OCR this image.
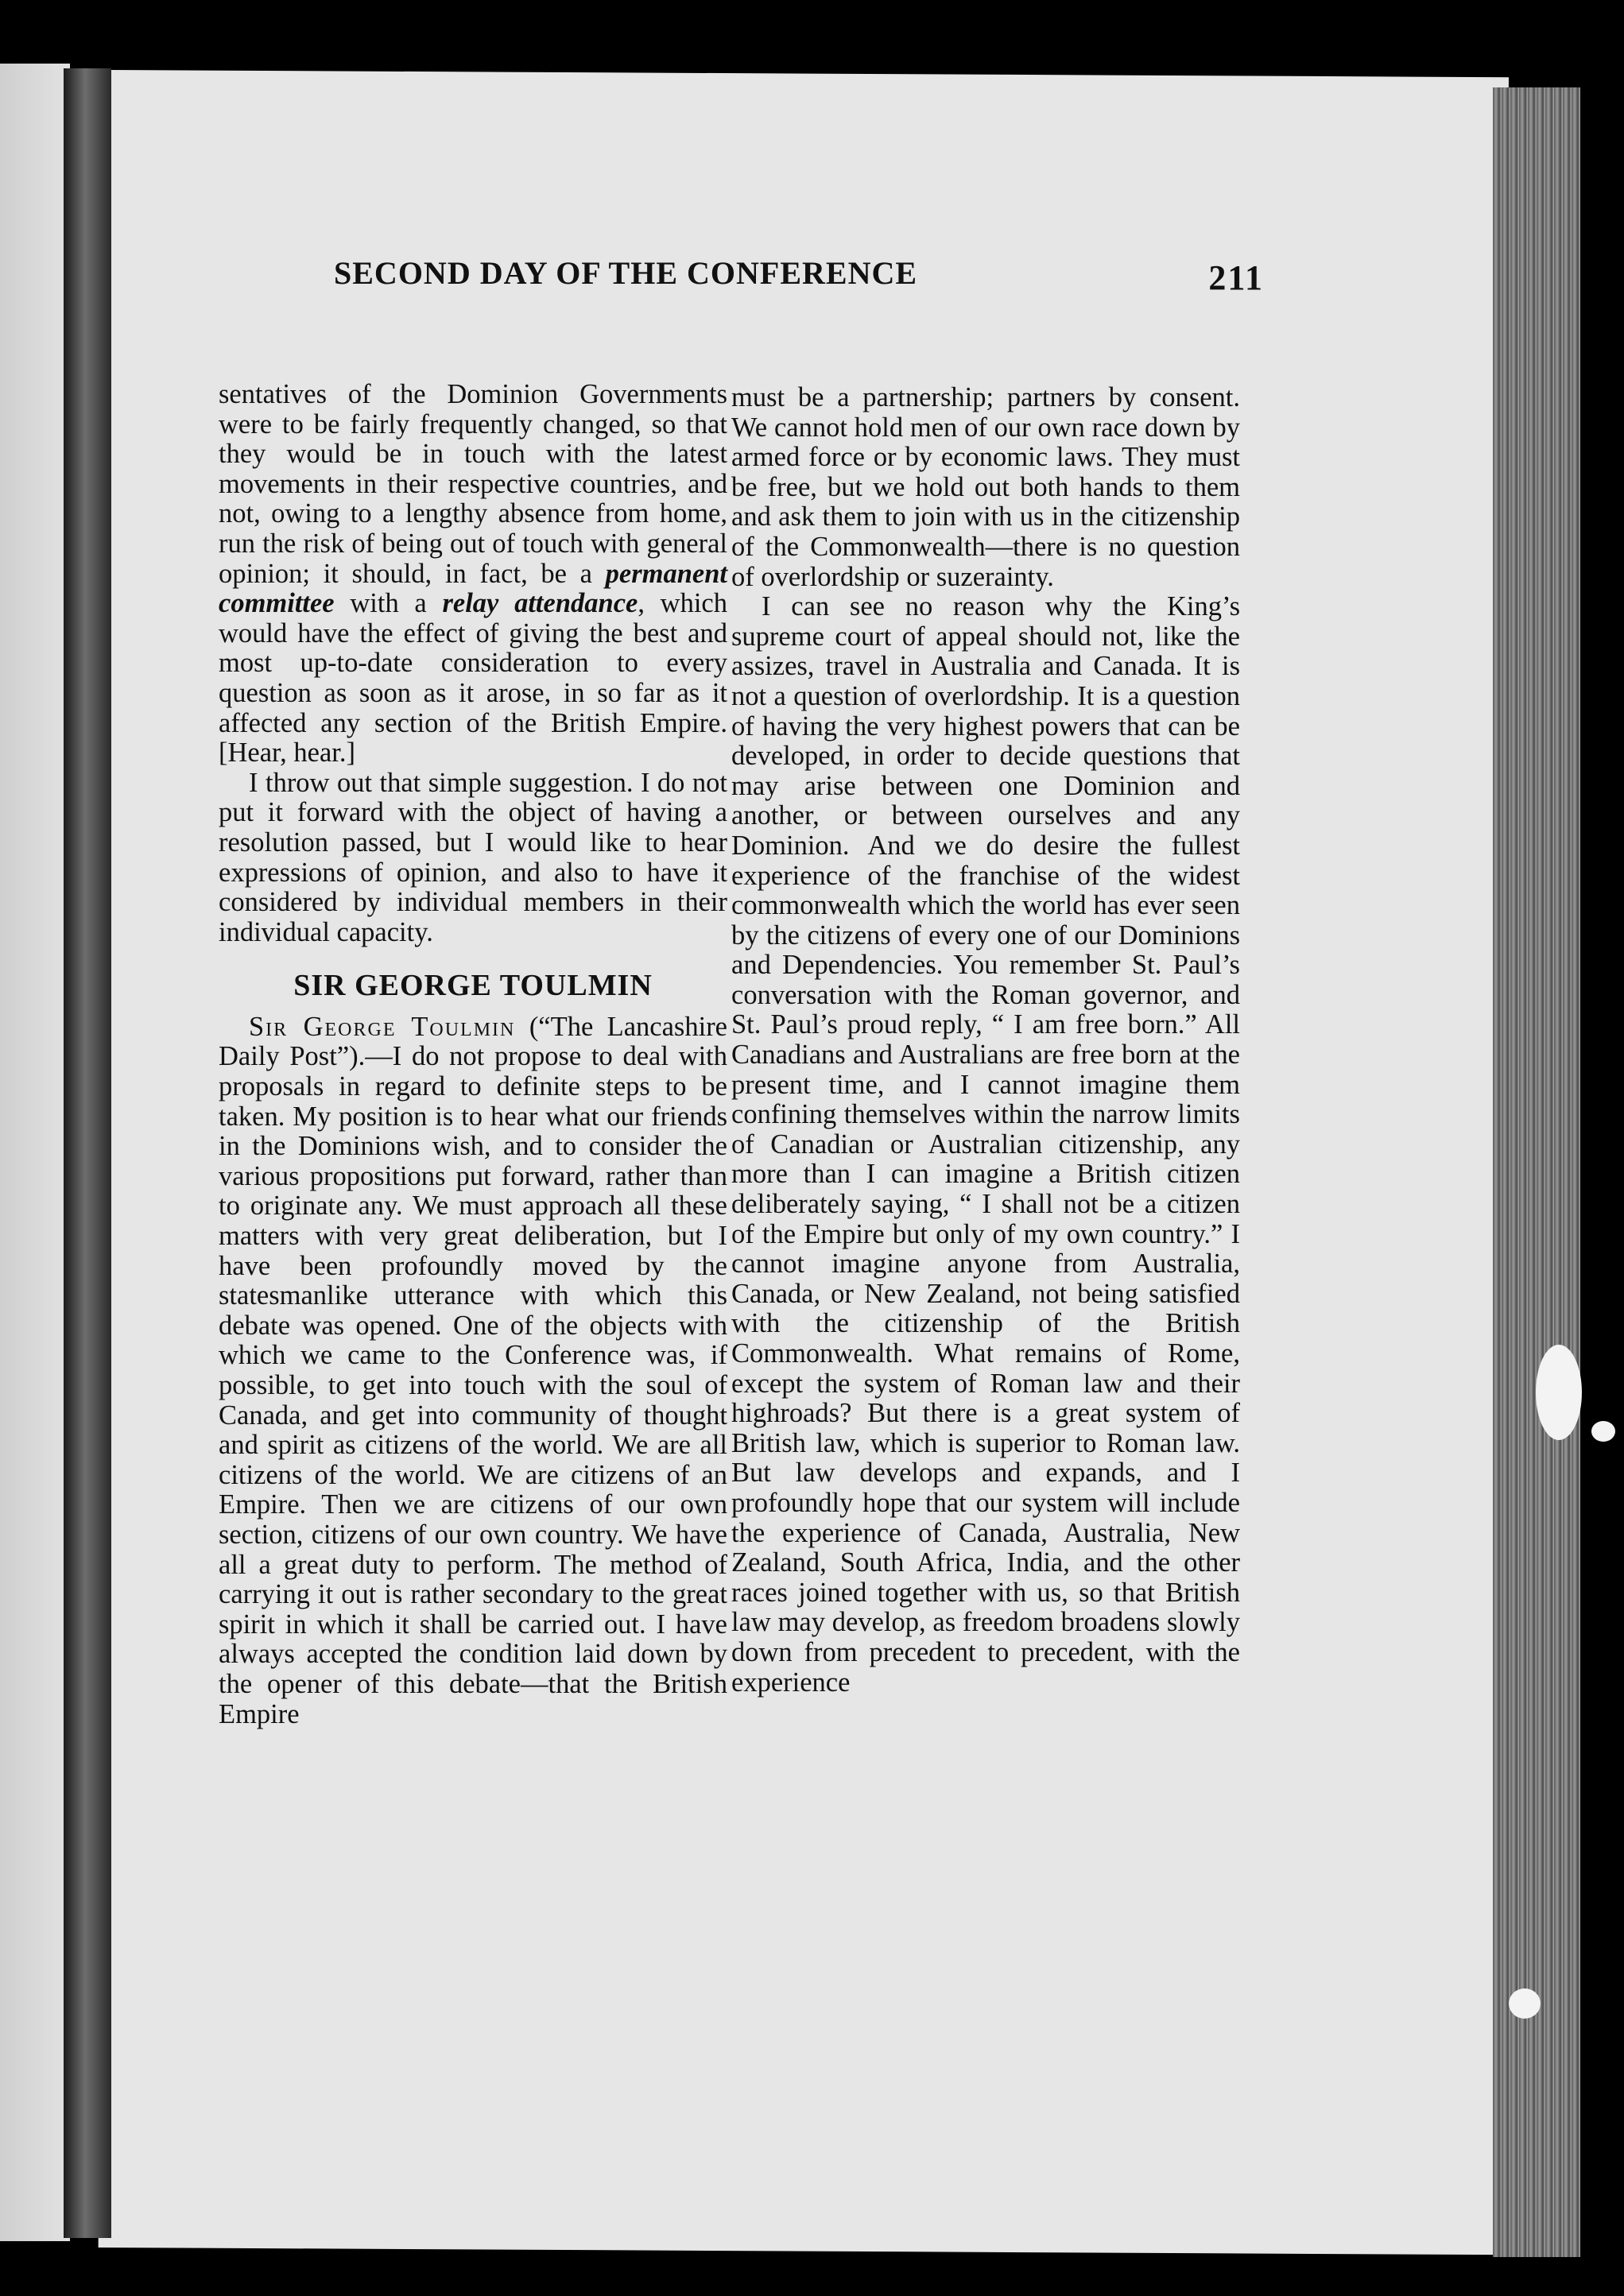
SECOND DAY OF THE CONFERENCE	211

sentatives of the Dominion Governments were to be fairly frequently changed, so that they would be in touch with the latest movements in their respective countries, and not, owing to a lengthy absence from home, run the risk of being out of touch with general opinion; it should, in fact, be a permanent committee with a relay attendance, which would have the effect of giving the best and most up-to-date consideration to every question as soon as it arose, in so far as it affected any section of the British Empire. [Hear, hear.]

I throw out that simple suggestion. I do not put it forward with the object of having a resolution passed, but I would like to hear expressions of opinion, and also to have it considered by individual members in their individual capacity.

SIR GEORGE TOULMIN

Sir George Toulmin (“The Lancashire Daily Post”).—I do not propose to deal with proposals in regard to definite steps to be taken. My position is to hear what our friends in the Dominions wish, and to consider the various propositions put forward, rather than to originate any. We must approach all these matters with very great deliberation, but I have been profoundly moved by the statesmanlike utterance with which this debate was opened. One of the objects with which we came to the Conference was, if possible, to get into touch with the soul of Canada, and get into community of thought and spirit as citizens of the world. We are all citizens of the world. We are citizens of an Empire. Then we are citizens of our own section, citizens of our own country. We have all a great duty to perform. The method of carrying it out is rather secondary to the great spirit in which it shall be carried out. I have always accepted the condition laid down by the opener of this debate—that the British Empire

must be a partnership; partners by consent. We cannot hold men of our own race down by armed force or by economic laws. They must be free, but we hold out both hands to them and ask them to join with us in the citizenship of the Commonwealth—there is no question of overlordship or suzerainty.

I can see no reason why the King’s supreme court of appeal should not, like the assizes, travel in Australia and Canada. It is not a question of overlordship. It is a question of having the very highest powers that can be developed, in order to decide questions that may arise between one Dominion and another, or between ourselves and any Dominion. And we do desire the fullest experience of the franchise of the widest commonwealth which the world has ever seen by the citizens of every one of our Dominions and Dependencies. You remember St. Paul’s conversation with the Roman governor, and St. Paul’s proud reply, “ I am free born.” All Canadians and Australians are free born at the present time, and I cannot imagine them confining themselves within the narrow limits of Canadian or Australian citizenship, any more than I can imagine a British citizen deliberately saying, “ I shall not be a citizen of the Empire but only of my own country.” I cannot imagine anyone from Australia, Canada, or New Zealand, not being satisfied with the citizenship of the British Commonwealth. What remains of Rome, except the system of Roman law and their highroads? But there is a great system of British law, which is superior to Roman law. But law develops and expands, and I profoundly hope that our system will include the experience of Canada, Australia, New Zealand, South Africa, India, and the other races joined together with us, so that British law may develop, as freedom broadens slowly down from precedent to precedent, with the experience
